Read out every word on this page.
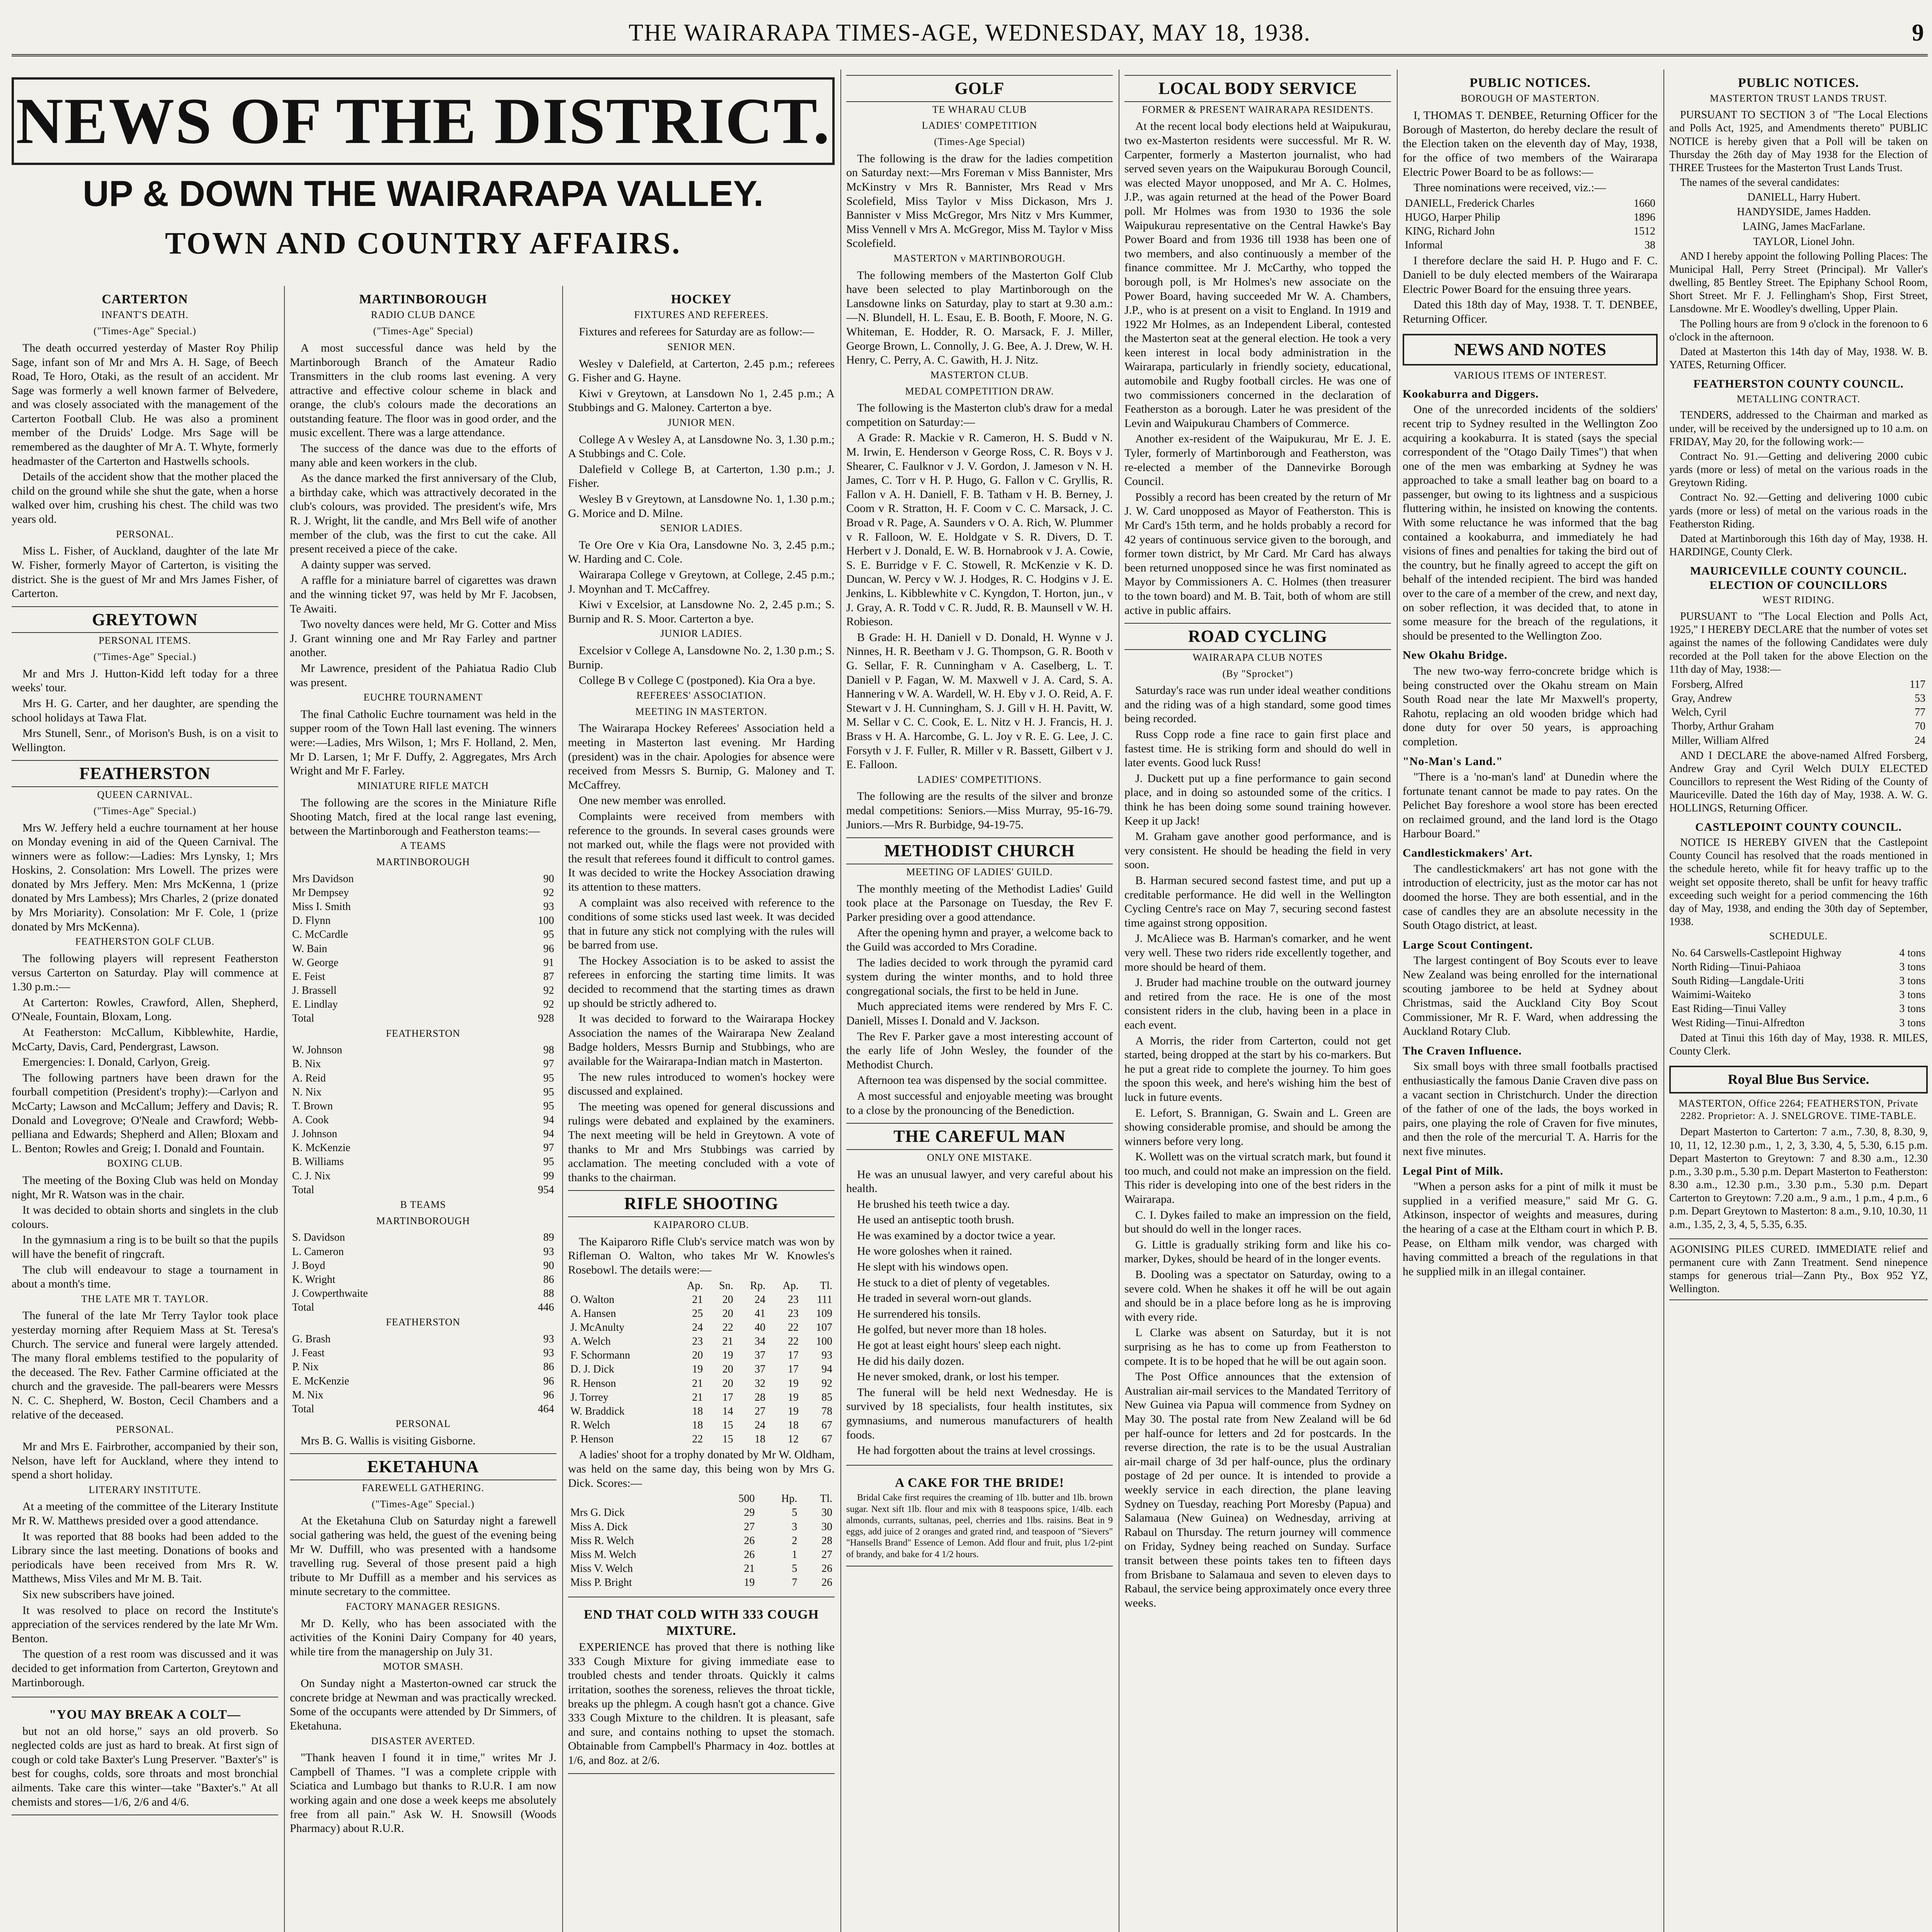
THE WAIRARAPA TIMES-AGE, WEDNESDAY, MAY 18, 1938.	9
NEWS OF THE DISTRICT.
UP & DOWN THE WAIRARAPA VALLEY.
TOWN AND COUNTRY AFFAIRS.
CARTERTON
INFANT'S DEATH.
("Times-Age" Special.)
The death occurred yesterday of Master Roy Philip Sage, infant son of Mr and Mrs A. H. Sage, of Beech Road, Te Horo, Otaki, as the result of an accident. Mr Sage was formerly a well known farmer of Belvedere, and was closely associated with the management of the Carterton Football Club. He was also a prominent member of the Druids' Lodge. Mrs Sage will be remembered as the daughter of Mr A. T. Whyte, formerly headmaster of the Carterton and Hastwells schools.
Details of the accident show that the mother placed the child on the ground while she shut the gate, when a horse walked over him, crushing his chest. The child was two years old.
PERSONAL.
Miss L. Fisher, of Auckland, daughter of the late Mr W. Fisher, formerly Mayor of Carterton, is visiting the district. She is the guest of Mr and Mrs James Fisher, of Carterton.
GREYTOWN
PERSONAL ITEMS.
("Times-Age" Special.)
Mr and Mrs J. Hutton-Kidd left today for a three weeks' tour.
Mrs H. G. Carter, and her daughter, are spending the school holidays at Tawa Flat.
Mrs Stunell, Senr., of Morison's Bush, is on a visit to Wellington.
FEATHERSTON
QUEEN CARNIVAL.
("Times-Age" Special.)
Mrs W. Jeffery held a euchre tournament at her house on Monday evening in aid of the Queen Carnival. The winners were as follow:—Ladies: Mrs Lynsky, 1; Mrs Hoskins, 2. Consolation: Mrs Lowell. The prizes were donated by Mrs Jeffery. Men: Mrs McKenna, 1 (prize donated by Mrs Lambess); Mrs Charles, 2 (prize donated by Mrs Moriarity). Consolation: Mr F. Cole, 1 (prize donated by Mrs McKenna).
FEATHERSTON GOLF CLUB.
The following players will represent Featherston versus Carterton on Saturday. Play will commence at 1.30 p.m.:—
At Carterton: Rowles, Crawford, Allen, Shepherd, O'Neale, Fountain, Bloxam, Long.
At Featherston: McCallum, Kibblewhite, Hardie, McCarty, Davis, Card, Pendergrast, Lawson.
Emergencies: I. Donald, Carlyon, Greig.
The following partners have been drawn for the fourball competition (President's trophy):—Carlyon and McCarty; Lawson and McCallum; Jeffery and Davis; R. Donald and Lovegrove; O'Neale and Crawford; Webb-pelliana and Edwards; Shepherd and Allen; Bloxam and L. Benton; Rowles and Greig; I. Donald and Fountain.
BOXING CLUB.
The meeting of the Boxing Club was held on Monday night, Mr R. Watson was in the chair.
It was decided to obtain shorts and singlets in the club colours.
In the gymnasium a ring is to be built so that the pupils will have the benefit of ringcraft.
The club will endeavour to stage a tournament in about a month's time.
THE LATE MR T. TAYLOR.
The funeral of the late Mr Terry Taylor took place yesterday morning after Requiem Mass at St. Teresa's Church. The service and funeral were largely attended. The many floral emblems testified to the popularity of the deceased. The Rev. Father Carmine officiated at the church and the graveside. The pall-bearers were Messrs N. C. C. Shepherd, W. Boston, Cecil Chambers and a relative of the deceased.
PERSONAL.
Mr and Mrs E. Fairbrother, accompanied by their son, Nelson, have left for Auckland, where they intend to spend a short holiday.
LITERARY INSTITUTE.
At a meeting of the committee of the Literary Institute Mr R. W. Matthews presided over a good attendance.
It was reported that 88 books had been added to the Library since the last meeting. Donations of books and periodicals have been received from Mrs R. W. Matthews, Miss Viles and Mr M. B. Tait.
Six new subscribers have joined.
It was resolved to place on record the Institute's appreciation of the services rendered by the late Mr Wm. Benton.
The question of a rest room was discussed and it was decided to get information from Carterton, Greytown and Martinborough.
"YOU MAY BREAK A COLT—
but not an old horse," says an old proverb. So neglected colds are just as hard to break. At first sign of cough or cold take Baxter's Lung Preserver. "Baxter's" is best for coughs, colds, sore throats and most bronchial ailments. Take care this winter—take "Baxter's." At all chemists and stores—1/6, 2/6 and 4/6.
MARTINBOROUGH
RADIO CLUB DANCE
("Times-Age" Special)
A most successful dance was held by the Martinborough Branch of the Amateur Radio Transmitters in the club rooms last evening. A very attractive and effective colour scheme in black and orange, the club's colours made the decorations an outstanding feature. The floor was in good order, and the music excellent. There was a large attendance.
The success of the dance was due to the efforts of many able and keen workers in the club.
As the dance marked the first anniversary of the Club, a birthday cake, which was attractively decorated in the club's colours, was provided. The president's wife, Mrs R. J. Wright, lit the candle, and Mrs Bell wife of another member of the club, was the first to cut the cake. All present received a piece of the cake.
A dainty supper was served.
A raffle for a miniature barrel of cigarettes was drawn and the winning ticket 97, was held by Mr F. Jacobsen, Te Awaiti.
Two novelty dances were held, Mr G. Cotter and Miss J. Grant winning one and Mr Ray Farley and partner another.
Mr Lawrence, president of the Pahiatua Radio Club was present.
EUCHRE TOURNAMENT
The final Catholic Euchre tournament was held in the supper room of the Town Hall last evening. The winners were:—Ladies, Mrs Wilson, 1; Mrs F. Holland, 2. Men, Mr D. Larsen, 1; Mr F. Duffy, 2. Aggregates, Mrs Arch Wright and Mr F. Farley.
MINIATURE RIFLE MATCH
The following are the scores in the Miniature Rifle Shooting Match, fired at the local range last evening, between the Martinborough and Featherston teams:—
A TEAMS
MARTINBOROUGH
Mrs Davidson	90
Mr Dempsey	92
Miss I. Smith	93
D. Flynn	100
C. McCardle	95
W. Bain	96
W. George	91
E. Feist	87
J. Brassell	92
E. Lindlay	92
Total	928
FEATHERSTON
W. Johnson	98
B. Nix	97
A. Reid	95
N. Nix	95
T. Brown	95
A. Cook	94
J. Johnson	94
K. McKenzie	97
B. Williams	95
C. J. Nix	99
Total	954
B TEAMS
MARTINBOROUGH
S. Davidson	89
L. Cameron	93
J. Boyd	90
K. Wright	86
J. Cowperthwaite	88
Total	446
FEATHERSTON
G. Brash	93
J. Feast	93
P. Nix	86
E. McKenzie	96
M. Nix	96
Total	464
PERSONAL
Mrs B. G. Wallis is visiting Gisborne.
EKETAHUNA
FAREWELL GATHERING.
("Times-Age" Special.)
At the Eketahuna Club on Saturday night a farewell social gathering was held, the guest of the evening being Mr W. Duffill, who was presented with a handsome travelling rug. Several of those present paid a high tribute to Mr Duffill as a member and his services as minute secretary to the committee.
FACTORY MANAGER RESIGNS.
Mr D. Kelly, who has been associated with the activities of the Konini Dairy Company for 40 years, while tire from the managership on July 31.
MOTOR SMASH.
On Sunday night a Masterton-owned car struck the concrete bridge at Newman and was practically wrecked. Some of the occupants were attended by Dr Simmers, of Eketahuna.
DISASTER AVERTED.
"Thank heaven I found it in time," writes Mr J. Campbell of Thames. "I was a complete cripple with Sciatica and Lumbago but thanks to R.U.R. I am now working again and one dose a week keeps me absolutely free from all pain." Ask W. H. Snowsill (Woods Pharmacy) about R.U.R.
HOCKEY
FIXTURES AND REFEREES.
Fixtures and referees for Saturday are as follow:—
SENIOR MEN.
Wesley v Dalefield, at Carterton, 2.45 p.m.; referees G. Fisher and G. Hayne.
Kiwi v Greytown, at Lansdown No 1, 2.45 p.m.; A Stubbings and G. Maloney. Carterton a bye.
JUNIOR MEN.
College A v Wesley A, at Lansdowne No. 3, 1.30 p.m.; A Stubbings and C. Cole.
Dalefield v College B, at Carterton, 1.30 p.m.; J. Fisher.
Wesley B v Greytown, at Lansdowne No. 1, 1.30 p.m.; G. Morice and D. Milne.
SENIOR LADIES.
Te Ore Ore v Kia Ora, Lansdowne No. 3, 2.45 p.m.; W. Harding and C. Cole.
Wairarapa College v Greytown, at College, 2.45 p.m.; J. Moynhan and T. McCaffrey.
Kiwi v Excelsior, at Lansdowne No. 2, 2.45 p.m.; S. Burnip and R. S. Moor. Carterton a bye.
JUNIOR LADIES.
Excelsior v College A, Lansdowne No. 2, 1.30 p.m.; S. Burnip.
College B v College C (postponed). Kia Ora a bye.
REFEREES' ASSOCIATION.
MEETING IN MASTERTON.
The Wairarapa Hockey Referees' Association held a meeting in Masterton last evening. Mr Harding (president) was in the chair. Apologies for absence were received from Messrs S. Burnip, G. Maloney and T. McCaffrey.
One new member was enrolled.
Complaints were received from members with reference to the grounds. In several cases grounds were not marked out, while the flags were not provided with the result that referees found it difficult to control games. It was decided to write the Hockey Association drawing its attention to these matters.
A complaint was also received with reference to the conditions of some sticks used last week. It was decided that in future any stick not complying with the rules will be barred from use.
The Hockey Association is to be asked to assist the referees in enforcing the starting time limits. It was decided to recommend that the starting times as drawn up should be strictly adhered to.
It was decided to forward to the Wairarapa Hockey Association the names of the Wairarapa New Zealand Badge holders, Messrs Burnip and Stubbings, who are available for the Wairarapa-Indian match in Masterton.
The new rules introduced to women's hockey were discussed and explained.
The meeting was opened for general discussions and rulings were debated and explained by the examiners. The next meeting will be held in Greytown. A vote of thanks to Mr and Mrs Stubbings was carried by acclamation. The meeting concluded with a vote of thanks to the chairman.
RIFLE SHOOTING
KAIPARORO CLUB.
The Kaiparoro Rifle Club's service match was won by Rifleman O. Walton, who takes Mr W. Knowles's Rosebowl. The details were:—
	Ap.	Sn.	Rp.	Ap.	Tl.
O. Walton	21	20	24	23	111
A. Hansen	25	20	41	23	109
J. McAnulty	24	22	40	22	107
A. Welch	23	21	34	22	100
F. Schormann	20	19	37	17	93
D. J. Dick	19	20	37	17	94
R. Henson	21	20	32	19	92
J. Torrey	21	17	28	19	85
W. Braddick	18	14	27	19	78
R. Welch	18	15	24	18	67
P. Henson	22	15	18	12	67
A ladies' shoot for a trophy donated by Mr W. Oldham, was held on the same day, this being won by Mrs G. Dick. Scores:—
	500	Hp.	Tl.
Mrs G. Dick	29	5	30
Miss A. Dick	27	3	30
Miss R. Welch	26	2	28
Miss M. Welch	26	1	27
Miss V. Welch	21	5	26
Miss P. Bright	19	7	26
END THAT COLD WITH 333 COUGH MIXTURE.
EXPERIENCE has proved that there is nothing like 333 Cough Mixture for giving immediate ease to troubled chests and tender throats. Quickly it calms irritation, soothes the soreness, relieves the throat tickle, breaks up the phlegm. A cough hasn't got a chance. Give 333 Cough Mixture to the children. It is pleasant, safe and sure, and contains nothing to upset the stomach. Obtainable from Campbell's Pharmacy in 4oz. bottles at 1/6, and 8oz. at 2/6.
GOLF
TE WHARAU CLUB
LADIES' COMPETITION
(Times-Age Special)
The following is the draw for the ladies competition on Saturday next:—Mrs Foreman v Miss Bannister, Mrs McKinstry v Mrs R. Bannister, Mrs Read v Mrs Scolefield, Miss Taylor v Miss Dickason, Mrs J. Bannister v Miss McGregor, Mrs Nitz v Mrs Kummer, Miss Vennell v Mrs A. McGregor, Miss M. Taylor v Miss Scolefield.
MASTERTON v MARTINBOROUGH.
The following members of the Masterton Golf Club have been selected to play Martinborough on the Lansdowne links on Saturday, play to start at 9.30 a.m.:—N. Blundell, H. L. Esau, E. B. Booth, F. Moore, N. G. Whiteman, E. Hodder, R. O. Marsack, F. J. Miller, George Brown, L. Connolly, J. G. Bee, A. J. Drew, W. H. Henry, C. Perry, A. C. Gawith, H. J. Nitz.
MASTERTON CLUB.
MEDAL COMPETITION DRAW.
The following is the Masterton club's draw for a medal competition on Saturday:—
A Grade: R. Mackie v R. Cameron, H. S. Budd v N. M. Irwin, E. Henderson v George Ross, C. R. Boys v J. Shearer, C. Faulknor v J. V. Gordon, J. Jameson v N. H. James, C. Torr v H. P. Hugo, G. Fallon v C. Gryllis, R. Fallon v A. H. Daniell, F. B. Tatham v H. B. Berney, J. Coom v R. Stratton, H. F. Coom v C. C. Marsack, J. C. Broad v R. Page, A. Saunders v O. A. Rich, W. Plummer v R. Falloon, W. E. Holdgate v S. R. Divers, D. T. Herbert v J. Donald, E. W. B. Hornabrook v J. A. Cowie, S. E. Burridge v F. C. Stowell, R. McKenzie v K. D. Duncan, W. Percy v W. J. Hodges, R. C. Hodgins v J. E. Jenkins, L. Kibblewhite v C. Kyngdon, T. Horton, jun., v J. Gray, A. R. Todd v C. R. Judd, R. B. Maunsell v W. H. Robieson.
B Grade: H. H. Daniell v D. Donald, H. Wynne v J. Ninnes, H. R. Beetham v J. G. Thompson, G. R. Booth v G. Sellar, F. R. Cunningham v A. Caselberg, L. T. Daniell v P. Fagan, W. M. Maxwell v J. A. Card, S. A. Hannering v W. A. Wardell, W. H. Eby v J. O. Reid, A. F. Stewart v J. H. Cunningham, S. J. Gill v H. H. Pavitt, W. M. Sellar v C. C. Cook, E. L. Nitz v H. J. Francis, H. J. Brass v H. A. Harcombe, G. L. Joy v R. E. G. Lee, J. C. Forsyth v J. F. Fuller, R. Miller v R. Bassett, Gilbert v J. E. Falloon.
LADIES' COMPETITIONS.
The following are the results of the silver and bronze medal competitions: Seniors.—Miss Murray, 95-16-79. Juniors.—Mrs R. Burbidge, 94-19-75.
METHODIST CHURCH
MEETING OF LADIES' GUILD.
The monthly meeting of the Methodist Ladies' Guild took place at the Parsonage on Tuesday, the Rev F. Parker presiding over a good attendance.
After the opening hymn and prayer, a welcome back to the Guild was accorded to Mrs Coradine.
The ladies decided to work through the pyramid card system during the winter months, and to hold three congregational socials, the first to be held in June.
Much appreciated items were rendered by Mrs F. C. Daniell, Misses I. Donald and V. Jackson.
The Rev F. Parker gave a most interesting account of the early life of John Wesley, the founder of the Methodist Church.
Afternoon tea was dispensed by the social committee.
A most successful and enjoyable meeting was brought to a close by the pronouncing of the Benediction.
THE CAREFUL MAN
ONLY ONE MISTAKE.
He was an unusual lawyer, and very careful about his health.
He brushed his teeth twice a day.
He used an antiseptic tooth brush.
He was examined by a doctor twice a year.
He wore goloshes when it rained.
He slept with his windows open.
He stuck to a diet of plenty of vegetables.
He traded in several worn-out glands.
He surrendered his tonsils.
He golfed, but never more than 18 holes.
He got at least eight hours' sleep each night.
He did his daily dozen.
He never smoked, drank, or lost his temper.
The funeral will be held next Wednesday. He is survived by 18 specialists, four health institutes, six gymnasiums, and numerous manufacturers of health foods.
He had forgotten about the trains at level crossings.
A CAKE FOR THE BRIDE!
Bridal Cake first requires the creaming of 1lb. butter and 1lb. brown sugar. Next sift 1lb. flour and mix with 8 teaspoons spice, 1/4lb. each almonds, currants, sultanas, peel, cherries and 1lbs. raisins. Beat in 9 eggs, add juice of 2 oranges and grated rind, and teaspoon of "Sievers" "Hansells Brand" Essence of Lemon. Add flour and fruit, plus 1/2-pint of brandy, and bake for 4 1/2 hours.
LOCAL BODY SERVICE
FORMER & PRESENT WAIRARAPA RESIDENTS.
At the recent local body elections held at Waipukurau, two ex-Masterton residents were successful. Mr R. W. Carpenter, formerly a Masterton journalist, who had served seven years on the Waipukurau Borough Council, was elected Mayor unopposed, and Mr A. C. Holmes, J.P., was again returned at the head of the Power Board poll. Mr Holmes was from 1930 to 1936 the sole Waipukurau representative on the Central Hawke's Bay Power Board and from 1936 till 1938 has been one of two members, and also continuously a member of the finance committee. Mr J. McCarthy, who topped the borough poll, is Mr Holmes's new associate on the Power Board, having succeeded Mr W. A. Chambers, J.P., who is at present on a visit to England. In 1919 and 1922 Mr Holmes, as an Independent Liberal, contested the Masterton seat at the general election. He took a very keen interest in local body administration in the Wairarapa, particularly in friendly society, educational, automobile and Rugby football circles. He was one of two commissioners concerned in the declaration of Featherston as a borough. Later he was president of the Levin and Waipukurau Chambers of Commerce.
Another ex-resident of the Waipukurau, Mr E. J. E. Tyler, formerly of Martinborough and Featherston, was re-elected a member of the Dannevirke Borough Council.
Possibly a record has been created by the return of Mr J. W. Card unopposed as Mayor of Featherston. This is Mr Card's 15th term, and he holds probably a record for 42 years of continuous service given to the borough, and former town district, by Mr Card. Mr Card has always been returned unopposed since he was first nominated as Mayor by Commissioners A. C. Holmes (then treasurer to the town board) and M. B. Tait, both of whom are still active in public affairs.
ROAD CYCLING
WAIRARAPA CLUB NOTES
(By "Sprocket")
Saturday's race was run under ideal weather conditions and the riding was of a high standard, some good times being recorded.
Russ Copp rode a fine race to gain first place and fastest time. He is striking form and should do well in later events. Good luck Russ!
J. Duckett put up a fine performance to gain second place, and in doing so astounded some of the critics. I think he has been doing some sound training however. Keep it up Jack!
M. Graham gave another good performance, and is very consistent. He should be heading the field in very soon.
B. Harman secured second fastest time, and put up a creditable performance. He did well in the Wellington Cycling Centre's race on May 7, securing second fastest time against strong opposition.
J. McAliece was B. Harman's comarker, and he went very well. These two riders ride excellently together, and more should be heard of them.
J. Bruder had machine trouble on the outward journey and retired from the race. He is one of the most consistent riders in the club, having been in a place in each event.
A Morris, the rider from Carterton, could not get started, being dropped at the start by his co-markers. But he put a great ride to complete the journey. To him goes the spoon this week, and here's wishing him the best of luck in future events.
E. Lefort, S. Brannigan, G. Swain and L. Green are showing considerable promise, and should be among the winners before very long.
K. Wollett was on the virtual scratch mark, but found it too much, and could not make an impression on the field. This rider is developing into one of the best riders in the Wairarapa.
C. I. Dykes failed to make an impression on the field, but should do well in the longer races.
G. Little is gradually striking form and like his co-marker, Dykes, should be heard of in the longer events.
B. Dooling was a spectator on Saturday, owing to a severe cold. When he shakes it off he will be out again and should be in a place before long as he is improving with every ride.
L Clarke was absent on Saturday, but it is not surprising as he has to come up from Featherston to compete. It is to be hoped that he will be out again soon.
The Post Office announces that the extension of Australian air-mail services to the Mandated Territory of New Guinea via Papua will commence from Sydney on May 30. The postal rate from New Zealand will be 6d per half-ounce for letters and 2d for postcards. In the reverse direction, the rate is to be the usual Australian air-mail charge of 3d per half-ounce, plus the ordinary postage of 2d per ounce. It is intended to provide a weekly service in each direction, the plane leaving Sydney on Tuesday, reaching Port Moresby (Papua) and Salamaua (New Guinea) on Wednesday, arriving at Rabaul on Thursday. The return journey will commence on Friday, Sydney being reached on Sunday. Surface transit between these points takes ten to fifteen days from Brisbane to Salamaua and seven to eleven days to Rabaul, the service being approximately once every three weeks.
PUBLIC NOTICES.
BOROUGH OF MASTERTON.
I, THOMAS T. DENBEE, Returning Officer for the Borough of Masterton, do hereby declare the result of the Election taken on the eleventh day of May, 1938, for the office of two members of the Wairarapa Electric Power Board to be as follows:—
Three nominations were received, viz.:—
DANIELL, Frederick Charles	1660
HUGO, Harper Philip	1896
KING, Richard John	1512
Informal	38
I therefore declare the said H. P. Hugo and F. C. Daniell to be duly elected members of the Wairarapa Electric Power Board for the ensuing three years.
Dated this 18th day of May, 1938. T. T. DENBEE, Returning Officer.
NEWS AND NOTES
VARIOUS ITEMS OF INTEREST.
Kookaburra and Diggers.
One of the unrecorded incidents of the soldiers' recent trip to Sydney resulted in the Wellington Zoo acquiring a kookaburra. It is stated (says the special correspondent of the "Otago Daily Times") that when one of the men was embarking at Sydney he was approached to take a small leather bag on board to a passenger, but owing to its lightness and a suspicious fluttering within, he insisted on knowing the contents. With some reluctance he was informed that the bag contained a kookaburra, and immediately he had visions of fines and penalties for taking the bird out of the country, but he finally agreed to accept the gift on behalf of the intended recipient. The bird was handed over to the care of a member of the crew, and next day, on sober reflection, it was decided that, to atone in some measure for the breach of the regulations, it should be presented to the Wellington Zoo.
New Okahu Bridge.
The new two-way ferro-concrete bridge which is being constructed over the Okahu stream on Main South Road near the late Mr Maxwell's property, Rahotu, replacing an old wooden bridge which had done duty for over 50 years, is approaching completion.
"No-Man's Land."
"There is a 'no-man's land' at Dunedin where the fortunate tenant cannot be made to pay rates. On the Pelichet Bay foreshore a wool store has been erected on reclaimed ground, and the land lord is the Otago Harbour Board."
Candlestickmakers' Art.
The candlestickmakers' art has not gone with the introduction of electricity, just as the motor car has not doomed the horse. They are both essential, and in the case of candles they are an absolute necessity in the South Otago district, at least.
Large Scout Contingent.
The largest contingent of Boy Scouts ever to leave New Zealand was being enrolled for the international scouting jamboree to be held at Sydney about Christmas, said the Auckland City Boy Scout Commissioner, Mr R. F. Ward, when addressing the Auckland Rotary Club.
The Craven Influence.
Six small boys with three small footballs practised enthusiastically the famous Danie Craven dive pass on a vacant section in Christchurch. Under the direction of the father of one of the lads, the boys worked in pairs, one playing the role of Craven for five minutes, and then the role of the mercurial T. A. Harris for the next five minutes.
Legal Pint of Milk.
"When a person asks for a pint of milk it must be supplied in a verified measure," said Mr G. G. Atkinson, inspector of weights and measures, during the hearing of a case at the Eltham court in which P. B. Pease, on Eltham milk vendor, was charged with having committed a breach of the regulations in that he supplied milk in an illegal container.
PUBLIC NOTICES.
MASTERTON TRUST LANDS TRUST.
PURSUANT TO SECTION 3 of "The Local Elections and Polls Act, 1925, and Amendments thereto" PUBLIC NOTICE is hereby given that a Poll will be taken on Thursday the 26th day of May 1938 for the Election of THREE Trustees for the Masterton Trust Lands Trust.
The names of the several candidates:
DANIELL, Harry Hubert.
HANDYSIDE, James Hadden.
LAING, James MacFarlane.
TAYLOR, Lionel John.
AND I hereby appoint the following Polling Places: The Municipal Hall, Perry Street (Principal). Mr Valler's dwelling, 85 Bentley Street. The Epiphany School Room, Short Street. Mr F. J. Fellingham's Shop, First Street, Lansdowne. Mr E. Woodley's dwelling, Upper Plain.
The Polling hours are from 9 o'clock in the forenoon to 6 o'clock in the afternoon.
Dated at Masterton this 14th day of May, 1938. W. B. YATES, Returning Officer.
FEATHERSTON COUNTY COUNCIL.
METALLING CONTRACT.
TENDERS, addressed to the Chairman and marked as under, will be received by the undersigned up to 10 a.m. on FRIDAY, May 20, for the following work:—
Contract No. 91.—Getting and delivering 2000 cubic yards (more or less) of metal on the various roads in the Greytown Riding.
Contract No. 92.—Getting and delivering 1000 cubic yards (more or less) of metal on the various roads in the Featherston Riding.
Dated at Martinborough this 16th day of May, 1938. H. HARDINGE, County Clerk.
MAURICEVILLE COUNTY COUNCIL. ELECTION OF COUNCILLORS
WEST RIDING.
PURSUANT to "The Local Election and Polls Act, 1925," I HEREBY DECLARE that the number of votes set against the names of the following Candidates were duly recorded at the Poll taken for the above Election on the 11th day of May, 1938:—
Forsberg, Alfred	117
Gray, Andrew	53
Welch, Cyril	77
Thorby, Arthur Graham	70
Miller, William Alfred	24
AND I DECLARE the above-named Alfred Forsberg, Andrew Gray and Cyril Welch DULY ELECTED Councillors to represent the West Riding of the County of Mauriceville. Dated the 16th day of May, 1938. A. W. G. HOLLINGS, Returning Officer.
CASTLEPOINT COUNTY COUNCIL.
NOTICE IS HEREBY GIVEN that the Castlepoint County Council has resolved that the roads mentioned in the schedule hereto, while fit for heavy traffic up to the weight set opposite thereto, shall be unfit for heavy traffic exceeding such weight for a period commencing the 16th day of May, 1938, and ending the 30th day of September, 1938.
SCHEDULE.
No. 64 Carswells-Castlepoint Highway	4 tons
North Riding—Tinui-Pahiaoa	3 tons
South Riding—Langdale-Uriti	3 tons
Waimimi-Waiteko	3 tons
East Riding—Tinui Valley	3 tons
West Riding—Tinui-Alfredton	3 tons
Dated at Tinui this 16th day of May, 1938. R. MILES, County Clerk.
Royal Blue Bus Service.
MASTERTON, Office 2264; FEATHERSTON, Private 2282. Proprietor: A. J. SNELGROVE. TIME-TABLE.
Depart Masterton to Carterton: 7 a.m., 7.30, 8, 8.30, 9, 10, 11, 12, 12.30 p.m., 1, 2, 3, 3.30, 4, 5, 5.30, 6.15 p.m. Depart Masterton to Greytown: 7 and 8.30 a.m., 12.30 p.m., 3.30 p.m., 5.30 p.m. Depart Masterton to Featherston: 8.30 a.m., 12.30 p.m., 3.30 p.m., 5.30 p.m. Depart Carterton to Greytown: 7.20 a.m., 9 a.m., 1 p.m., 4 p.m., 6 p.m. Depart Greytown to Masterton: 8 a.m., 9.10, 10.30, 11 a.m., 1.35, 2, 3, 4, 5, 5.35, 6.35.
AGONISING PILES CURED. IMMEDIATE relief and permanent cure with Zann Treatment. Send ninepence stamps for generous trial—Zann Pty., Box 952 YZ, Wellington.
